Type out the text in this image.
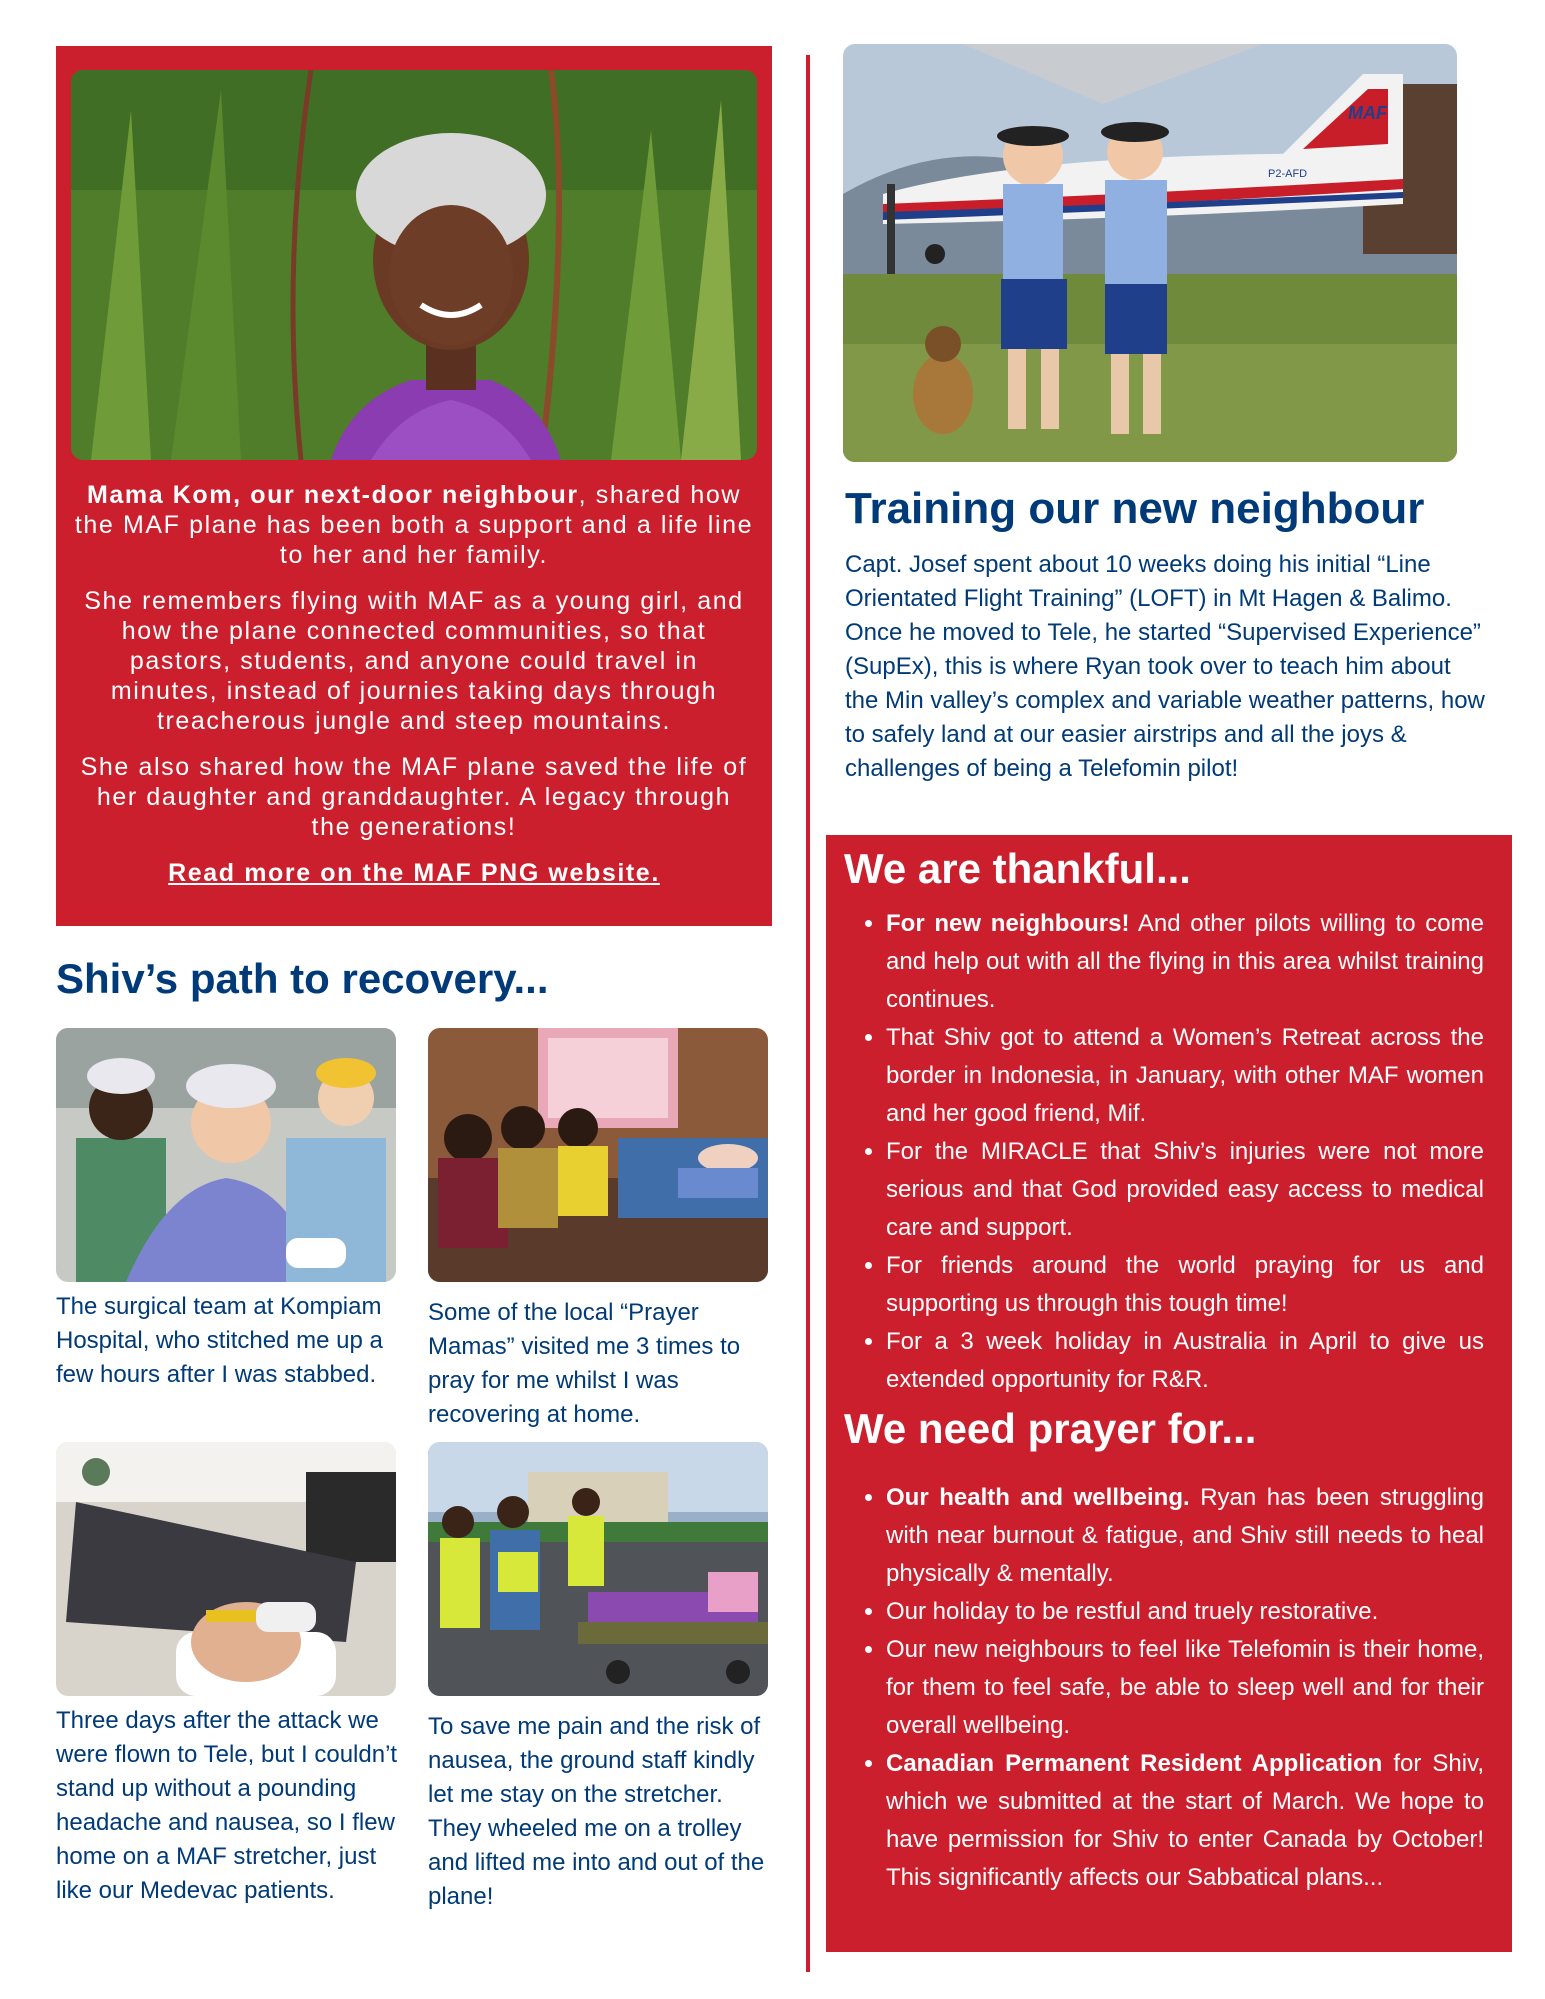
Mama Kom, our next-door neighbour, shared how the MAF plane has been both a support and a life line to her and her family.

She remembers flying with MAF as a young girl, and how the plane connected communities, so that pastors, students, and anyone could travel in minutes, instead of journies taking days through treacherous jungle and steep mountains.

She also shared how the MAF plane saved the life of her daughter and granddaughter. A legacy through the generations!

Read more on the MAF PNG website.

Shiv’s path to recovery...
The surgical team at Kompiam Hospital, who stitched me up a few hours after I was stabbed.
Some of the local “Prayer Mamas” visited me 3 times to pray for me whilst I was recovering at home.
Three days after the attack we were flown to Tele, but I couldn’t stand up without a pounding headache and nausea, so I flew home on a MAF stretcher, just like our Medevac patients.
To save me pain and the risk of nausea, the ground staff kindly let me stay on the stretcher. They wheeled me on a trolley and lifted me into and out of the plane!
MAF
P2-AFD
Training our new neighbour
Capt. Josef spent about 10 weeks doing his initial “Line Orientated Flight Training” (LOFT) in Mt Hagen & Balimo. Once he moved to Tele, he started “Supervised Experience” (SupEx), this is where Ryan took over to teach him about the Min valley’s complex and variable weather patterns, how to safely land at our easier airstrips and all the joys & challenges of being a Telefomin pilot!
We are thankful...
• For new neighbours! And other pilots willing to come and help out with all the flying in this area whilst training continues.
• That Shiv got to attend a Women’s Retreat across the border in Indonesia, in January, with other MAF women and her good friend, Mif.
• For the MIRACLE that Shiv’s injuries were not more serious and that God provided easy access to medical care and support.
• For friends around the world praying for us and supporting us through this tough time!
• For a 3 week holiday in Australia in April to give us extended opportunity for R&R.
We need prayer for...
• Our health and wellbeing. Ryan has been struggling with near burnout & fatigue, and Shiv still needs to heal physically & mentally.
• Our holiday to be restful and truely restorative.
• Our new neighbours to feel like Telefomin is their home, for them to feel safe, be able to sleep well and for their overall wellbeing.
• Canadian Permanent Resident Application for Shiv, which we submitted at the start of March. We hope to have permission for Shiv to enter Canada by October! This significantly affects our Sabbatical plans...
